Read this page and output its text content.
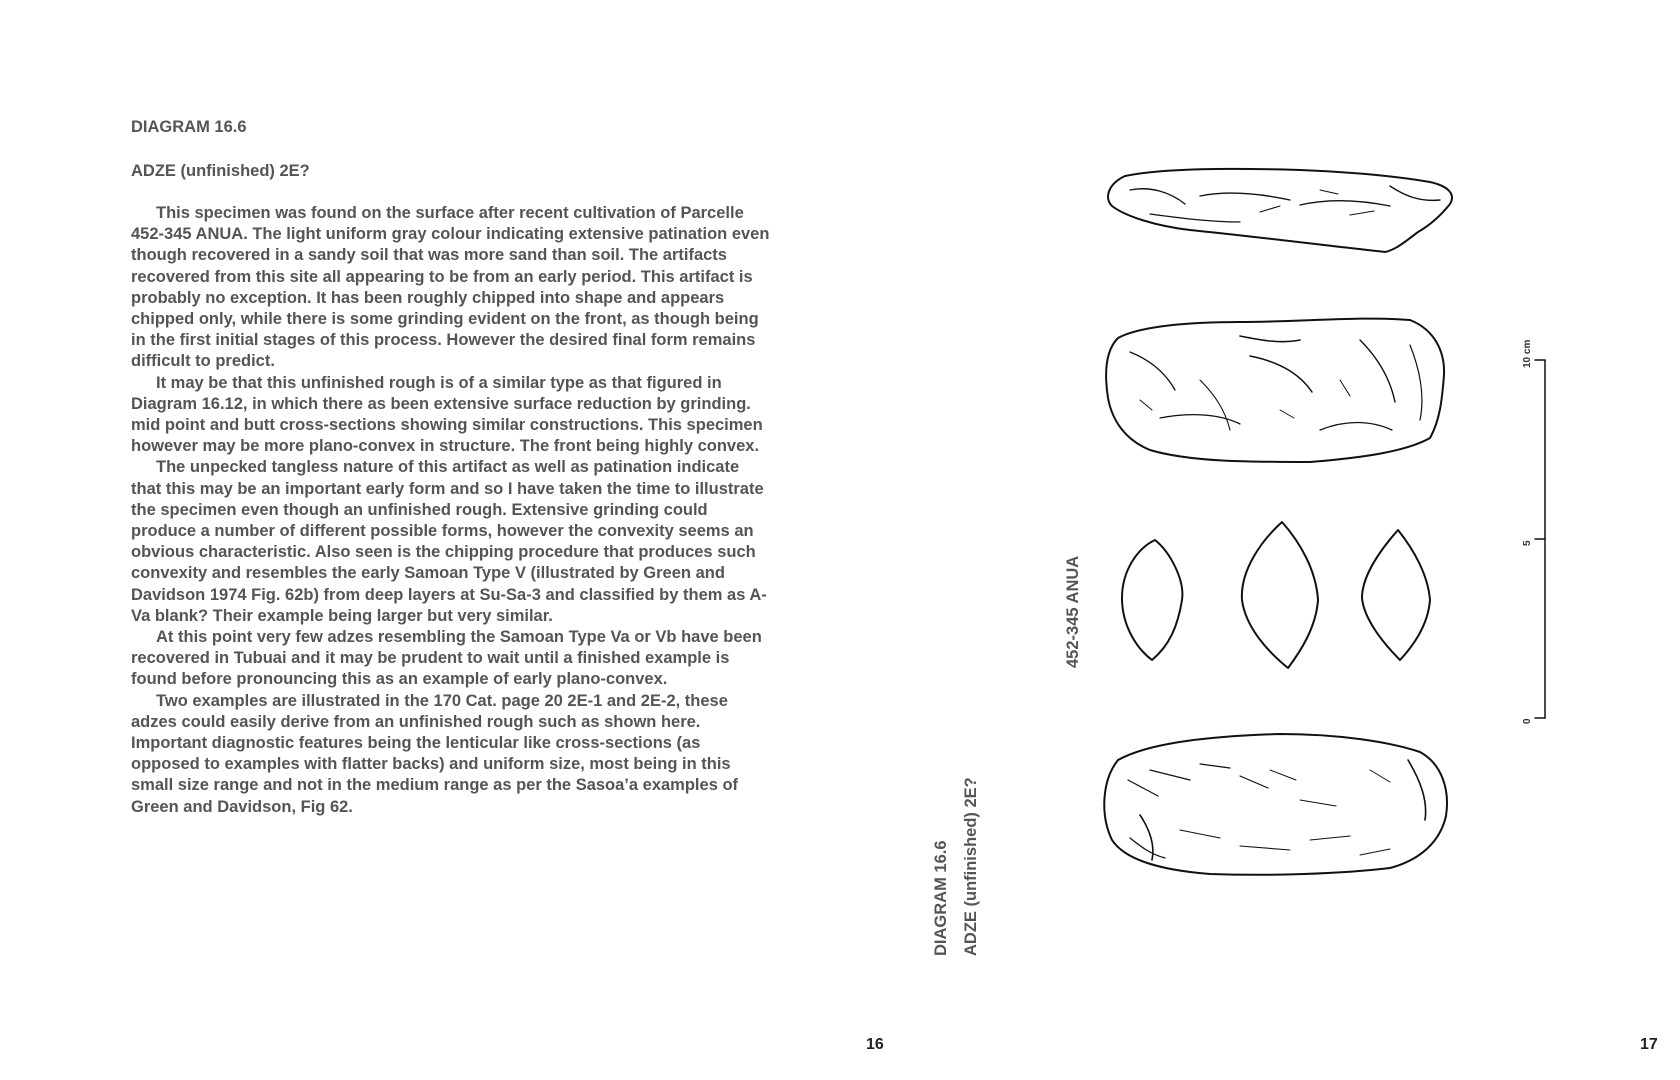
DIAGRAM 16.6
ADZE (unfinished) 2E?

This specimen was found on the surface after recent cultivation of Parcelle 452-345 ANUA. The light uniform gray colour indicating extensive patination even though recovered in a sandy soil that was more sand than soil. The artifacts recovered from this site all appearing to be from an early period. This artifact is probably no exception. It has been roughly chipped into shape and appears chipped only, while there is some grinding evident on the front, as though being in the first initial stages of this process. However the desired final form remains difficult to predict.

It may be that this unfinished rough is of a similar type as that figured in Diagram 16.12, in which there as been extensive surface reduction by grinding. mid point and butt cross-sections showing similar constructions. This specimen however may be more plano-convex in structure. The front being highly convex.

The unpecked tangless nature of this artifact as well as patination indicate that this may be an important early form and so I have taken the time to illustrate the specimen even though an unfinished rough. Extensive grinding could produce a number of different possible forms, however the convexity seems an obvious characteristic. Also seen is the chipping procedure that produces such convexity and resembles the early Samoan Type V (illustrated by Green and Davidson 1974 Fig. 62b) from deep layers at Su-Sa-3 and classified by them as A-Va blank? Their example being larger but very similar.

At this point very few adzes resembling the Samoan Type Va or Vb have been recovered in Tubuai and it may be prudent to wait until a finished example is found before pronouncing this as an example of early plano-convex.

Two examples are illustrated in the 170 Cat. page 20 2E-1 and 2E-2, these adzes could easily derive from an unfinished rough such as shown here. Important diagnostic features being the lenticular like cross-sections (as opposed to examples with flatter backs) and uniform size, most being in this small size range and not in the medium range as per the Sasoa’a examples of Green and Davidson, Fig 62.

16
DIAGRAM 16.6 ADZE (unfinished) 2E?
452-345 ANUA
10 cm
5
0
17
